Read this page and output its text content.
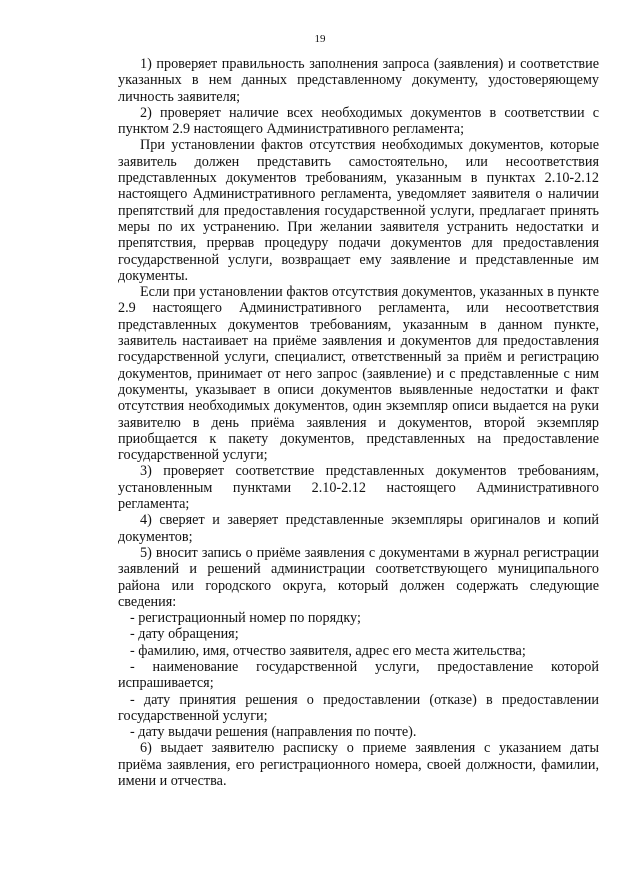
19

1) проверяет правильность заполнения запроса (заявления) и соответствие указанных в нем данных представленному документу, удостоверяющему личность заявителя;

2) проверяет наличие всех необходимых документов в соответствии с пунктом 2.9 настоящего Административного регламента;

При установлении фактов отсутствия необходимых документов, которые заявитель должен представить самостоятельно, или несоответствия представленных документов требованиям, указанным в пунктах 2.10-2.12 настоящего Административного регламента, уведомляет заявителя о наличии препятствий для предоставления государственной услуги, предлагает принять меры по их устранению. При желании заявителя устранить недостатки и препятствия, прервав процедуру подачи документов для предоставления государственной услуги, возвращает ему заявление и представленные им документы.

Если при установлении фактов отсутствия документов, указанных в пункте 2.9 настоящего Административного регламента, или несоответствия представленных документов требованиям, указанным в данном пункте, заявитель настаивает на приёме заявления и документов для предоставления государственной услуги, специалист, ответственный за приём и регистрацию документов, принимает от него запрос (заявление) и с представленные с ним документы, указывает в описи документов выявленные недостатки и факт отсутствия необходимых документов, один экземпляр описи выдается на руки заявителю в день приёма заявления и документов, второй экземпляр приобщается к пакету документов, представленных на предоставление государственной услуги;

3) проверяет соответствие представленных документов требованиям, установленным пунктами 2.10-2.12 настоящего Административного регламента;

4) сверяет и заверяет представленные экземпляры оригиналов и копий документов;

5) вносит запись о приёме заявления с документами в журнал регистрации заявлений и решений администрации соответствующего муниципального района или городского округа, который должен содержать следующие сведения:

- регистрационный номер по порядку;

- дату обращения;

- фамилию, имя, отчество заявителя, адрес его места жительства;

- наименование государственной услуги, предоставление которой испрашивается;

- дату принятия решения о предоставлении (отказе) в предоставлении государственной услуги;

- дату выдачи решения (направления по почте).

6) выдает заявителю расписку о приеме заявления с указанием даты приёма заявления, его регистрационного номера, своей должности, фамилии, имени и отчества.
